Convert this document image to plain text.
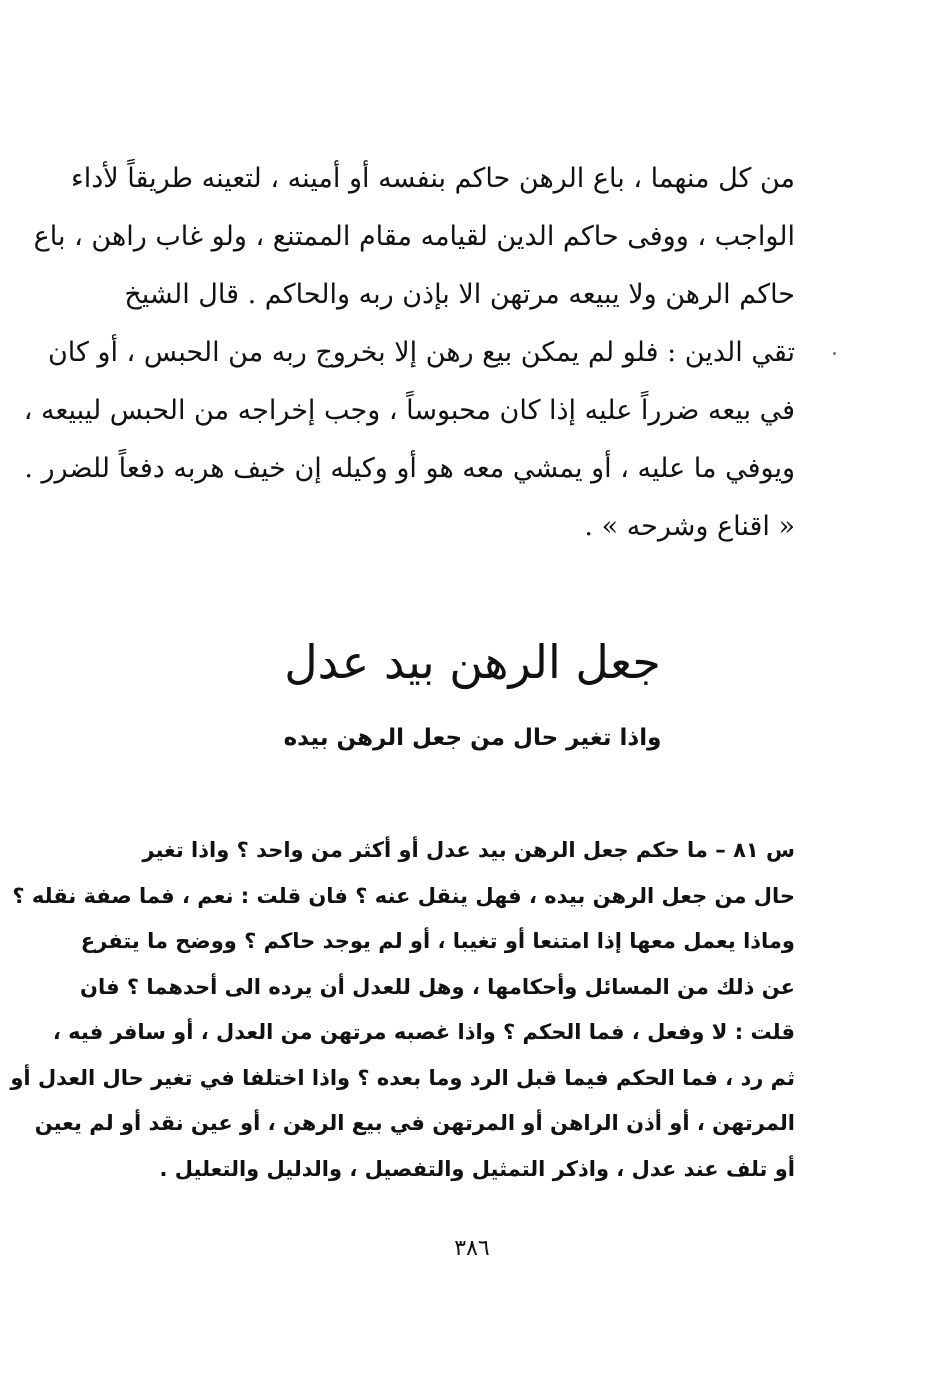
من كل منهما ، باع الرهن حاكم بنفسه أو أمينه ، لتعينه طريقاً لأداء
الواجب ، ووفى حاكم الدين لقيامه مقام الممتنع ، ولو غاب راهن ، باع
حاكم الرهن ولا يبيعه مرتهن الا بإذن ربه والحاكم . قال الشيخ
تقي الدين : فلو لم يمكن بيع رهن إلا بخروج ربه من الحبس ، أو كان
في بيعه ضرراً عليه إذا كان محبوساً ، وجب إخراجه من الحبس ليبيعه ،
ويوفي ما عليه ، أو يمشي معه هو أو وكيله إن خيف هربه دفعاً للضرر .
« اقناع وشرحه » .
جعل الرهن بيد عدل
واذا تغير حال من جعل الرهن بيده
س ٨١ – ما حكم جعل الرهن بيد عدل أو أكثر من واحد ؟ واذا تغير
حال من جعل الرهن بيده ، فهل ينقل عنه ؟ فان قلت : نعم ، فما صفة نقله ؟
وماذا يعمل معها إذا امتنعا أو تغيبا ، أو لم يوجد حاكم ؟ ووضح ما يتفرع
عن ذلك من المسائل وأحكامها ، وهل للعدل أن يرده الى أحدهما ؟ فان
قلت : لا وفعل ، فما الحكم ؟ واذا غصبه مرتهن من العدل ، أو سافر فيه ،
ثم رد ، فما الحكم فيما قبل الرد وما بعده ؟ واذا اختلفا في تغير حال العدل أو
المرتهن ، أو أذن الراهن أو المرتهن في بيع الرهن ، أو عين نقد أو لم يعين
أو تلف عند عدل ، واذكر التمثيل والتفصيل ، والدليل والتعليل .
٣٨٦
